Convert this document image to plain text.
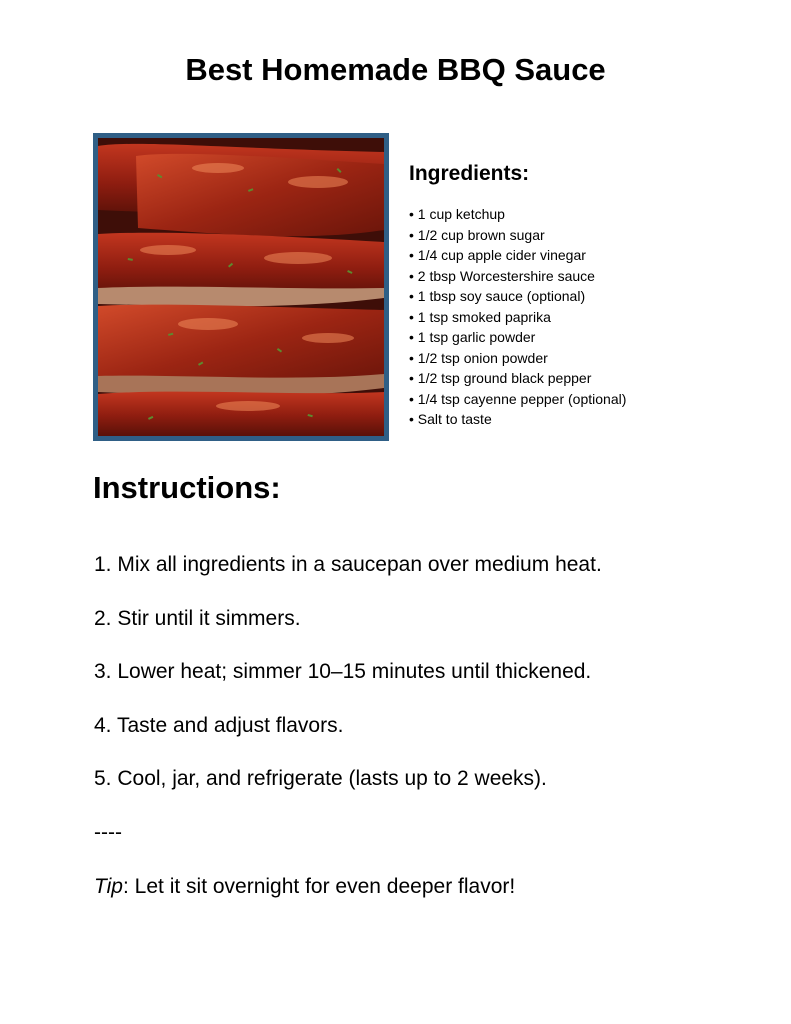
Best Homemade BBQ Sauce
Ingredients:
• 1 cup ketchup
• 1/2 cup brown sugar
• 1/4 cup apple cider vinegar
• 2 tbsp Worcestershire sauce
• 1 tbsp soy sauce (optional)
• 1 tsp smoked paprika
• 1 tsp garlic powder
• 1/2 tsp onion powder
• 1/2 tsp ground black pepper
• 1/4 tsp cayenne pepper (optional)
• Salt to taste
Instructions:
1. Mix all ingredients in a saucepan over medium heat.
2. Stir until it simmers.
3. Lower heat; simmer 10–15 minutes until thickened.
4. Taste and adjust flavors.
5. Cool, jar, and refrigerate (lasts up to 2 weeks).
----
Tip: Let it sit overnight for even deeper flavor!
